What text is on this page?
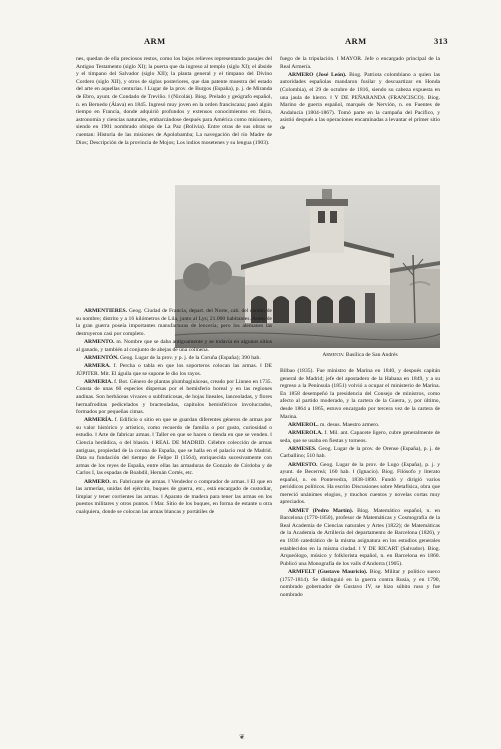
ARM	ARM	313

nes, quedan de ella preciosos restos, como los bajos relieves representando pasajes del Antiguo Testamento (siglo XI); la puerta que da ingreso al templo (siglo XI); el ábside y el tímpano del Salvador (siglo XII); la planta general y el tímpano del Divino Cordero (siglo XII), y otros de siglos posteriores, que dan patente muestra del estado del arte en aquellas centurias. ‖ Lugar de la prov. de Burgos (España), p. j. de Miranda de Ebro, ayunt. de Condado de Treviño. ‖ (Nicolás). Biog. Prelado y geógrafo español, n. en Bernedo (Álava) en 1845. Ingresó muy joven en la orden franciscana; pasó algún tiempo en Francia, donde adquirió profundos y extensos conocimientos en física, astronomía y ciencias naturales, embarcándose después para América como misionero, siendo en 1901 nombrado obispo de La Paz (Bolivia). Entre otras de sus obras se cuentan: Historia de las misiones de Apolobamba; La navegación del río Madre de Dios; Descripción de la provincia de Mojos; Los indios mosetenes y su lengua (1903).

Armenta: Basílica de San Andrés

ARMENTIÈRES. Geog. Ciudad de Francia, depart. del Norte, cab. del cantón de su nombre; distrito y a 16 kilómetros de Lila, junto al Lys; 21.000 habitantes. Antes de la gran guerra poseía importantes manufacturas de lencería; pero los alemanes las destruyeron casi por completo.

ARMENTO. m. Nombre que se daba antiguamente y se todavía en algunos sitios al ganado, y también al conjunto de abejas de una colmena.

ARMENTÓN. Geog. Lugar de la prov. y p. j. de la Coruña (España); 390 hab.

ARMERA. f. Percha o tabla en que los soporteros colocan las armas. ‖ DE JÚPITER. Mit. El águila que se supone le dio los rayos.

ARMERIA. f. Bot. Género de plantas plumbagináceas, creado por Linneo en 1735. Consta de unas 60 especies dispersas por el hemisferio boreal y en las regiones andinas. Son herbáceas vivaces o subfruticosas, de hojas lineales, lanceoladas, y flores hermafroditas pedicelados y bracteoladas, capítulos hemisféricos involucrados, formados por pequeñas cimas.

ARMERÍA. f. Edificio o sitio en que se guardan diferentes géneros de armas por su valor histórico y artístico, como recuerdo de familia o por gusto, curiosidad o estudio. ‖ Arte de fabricar armas. ‖ Taller en que se hacen o tienda en que se venden. ‖ Ciencia heráldica, o del blasón. ‖ REAL DE MADRID. Célebre colección de armas antiguas, propiedad de la corona de España, que se halla en el palacio real de Madrid. Data su fundación del tiempo de Felipe II (1564), enriquecida sucesivamente con armas de los reyes de España, entre ellas las armaduras de Gonzalo de Córdoba y de Carlos I, las espadas de Boabdil, Hernán Cortés, etc.

ARMERO. m. Fabricante de armas. ‖ Vendedor o comprador de armas. ‖ El que en las armerías, unidas del ejército, buques de guerra, etc., está encargado de custodiar, limpiar y tener corrientes las armas. ‖ Aparato de madera para tener las armas en los puestos militares y otros puntos. ‖ Mar. Sitio de los buques, en forma de estante u otra cualquiera, donde se colocan las armas blancas y portátiles de

fuego de la tripulación. ‖ MAYOR. Jefe o encargado principal de la Real Armería.

ARMERO (José León). Biog. Patriota colombiano a quien las autoridades españolas mandaron fusilar y descuartizar en Honda (Colombia), el 29 de octubre de 1816, siendo su cabeza expuesta en una jaula de hierro. ‖ Y DE PEÑARANDA (FRANCISCO). Biog. Marino de guerra español, marqués de Nervión, n. en Fuentes de Andalucía (1804-1867). Tomó parte en la campaña del Pacífico, y asistió después a las operaciones encaminadas a levantar el primer sitio de

Bilbao (1835). Fue ministro de Marina en 1840, y después capitán general de Madrid; jefe del apostadero de la Habana en 1849, y a su regreso a la Península (1851) volvió a ocupar el ministerio de Marina. En 1858 desempeñó la presidencia del Consejo de ministros, como afecto al partido moderado, y la cartera de la Guerra, y, por último, desde 1864 a 1865, estuvo encargado por tercera vez de la cartera de Marina.

ARMEROL. m. desus. Maestro armero.

ARMEROLA. f. Mil. ant. Capacete ligero, cubre generalmente de seda, que se usaba en fiestas y torneos.

ARMESES. Geog. Lugar de la prov. de Orense (España), p. j. de Carballino; 510 hab.

ARMESTO. Geog. Lugar de la prov. de Lugo (España), p. j. y ayunt. de Becerreá; 160 hab. ‖ (Ignacio). Biog. Filósofo y literato español, n. en Pontevedra, 1838-1890. Fundó y dirigió varios periódicos políticos. Ha escrito Discusiones sobre Metafísica, obra que mereció unánimes elogios, y muchos cuentos y novelas cortas muy apreciados.

ARMET (Pedro Martín). Biog. Matemático español, n. en Barcelona (1770-1850), profesor de Matemáticas y Cosmografía de la Real Academia de Ciencias naturales y Artes (1822); de Matemáticas de la Academia de Artillería del departamento de Barcelona (1826), y en 1836 catedrático de la misma asignatura en los estudios generales establecidos en la misma ciudad. ‖ Y DE RICART (Salvador). Biog. Arqueólogo, músico y folklorista español, n. en Barcelona en 1860. Publicó una Monografía de los valls d'Andorra (1905).

ARMFELT (Gustavo Mauricio). Biog. Militar y político sueco (1757-1814). Se distinguió en la guerra contra Rusia, y en 1790, nombrado gobernador de Gustavo IV, se hizo súbito ruso y fue nombrado

❦
